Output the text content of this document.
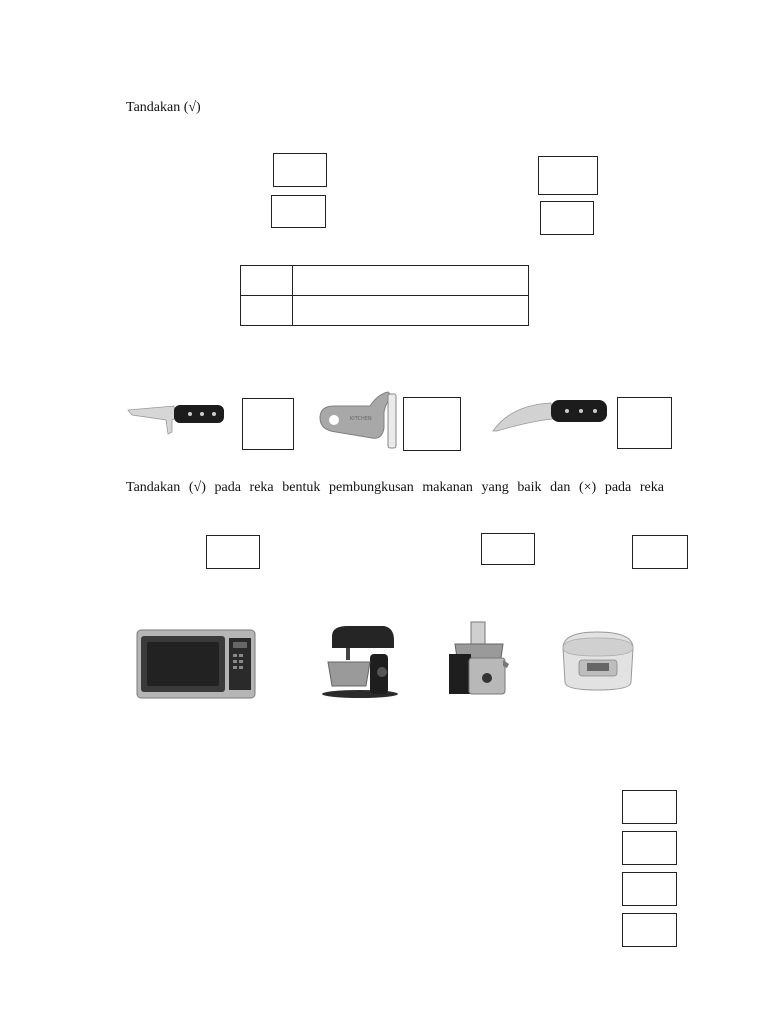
Tandakan (√)

KITCHEN
Tandakan (√) pada reka bentuk pembungkusan makanan yang baik dan (×) pada reka
